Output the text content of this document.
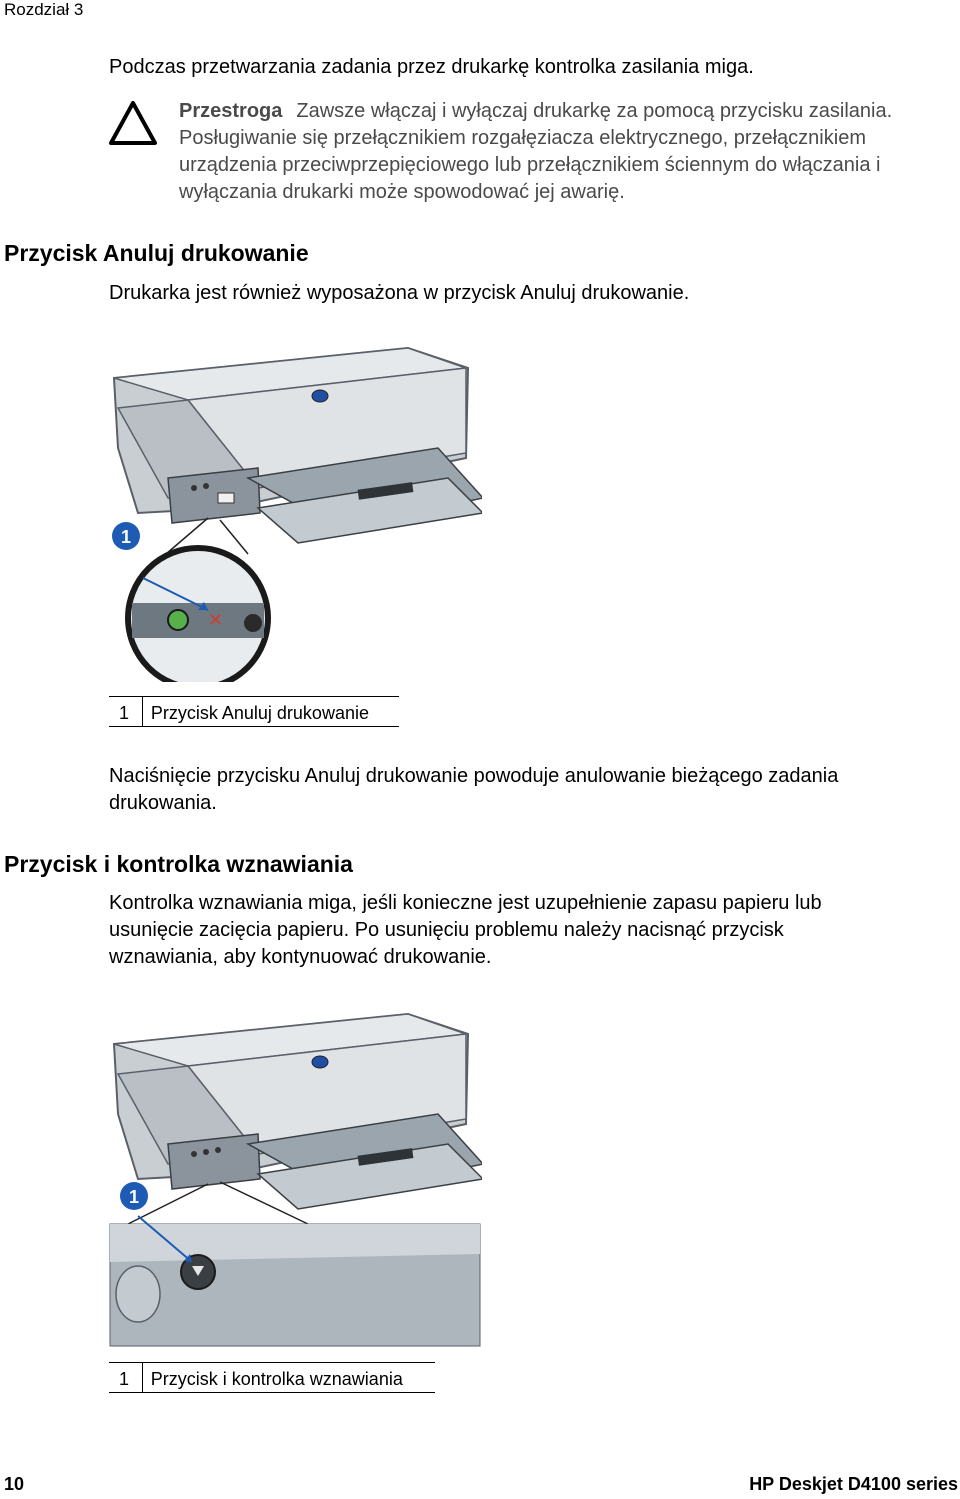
Rozdział 3
Podczas przetwarzania zadania przez drukarkę kontrolka zasilania miga.
Przestroga Zawsze włączaj i wyłączaj drukarkę za pomocą przycisku zasilania.
Posługiwanie się przełącznikiem rozgałęziacza elektrycznego, przełącznikiem
urządzenia przeciwprzepięciowego lub przełącznikiem ściennym do włączania i
wyłączania drukarki może spowodować jej awarię.
Przycisk Anuluj drukowanie
Drukarka jest również wyposażona w przycisk Anuluj drukowanie.
1
✕
1	Przycisk Anuluj drukowanie
Naciśnięcie przycisku Anuluj drukowanie powoduje anulowanie bieżącego zadania
drukowania.
Przycisk i kontrolka wznawiania
Kontrolka wznawiania miga, jeśli konieczne jest uzupełnienie zapasu papieru lub
usunięcie zacięcia papieru. Po usunięciu problemu należy nacisnąć przycisk
wznawiania, aby kontynuować drukowanie.
1
1	Przycisk i kontrolka wznawiania
10	HP Deskjet D4100 series
